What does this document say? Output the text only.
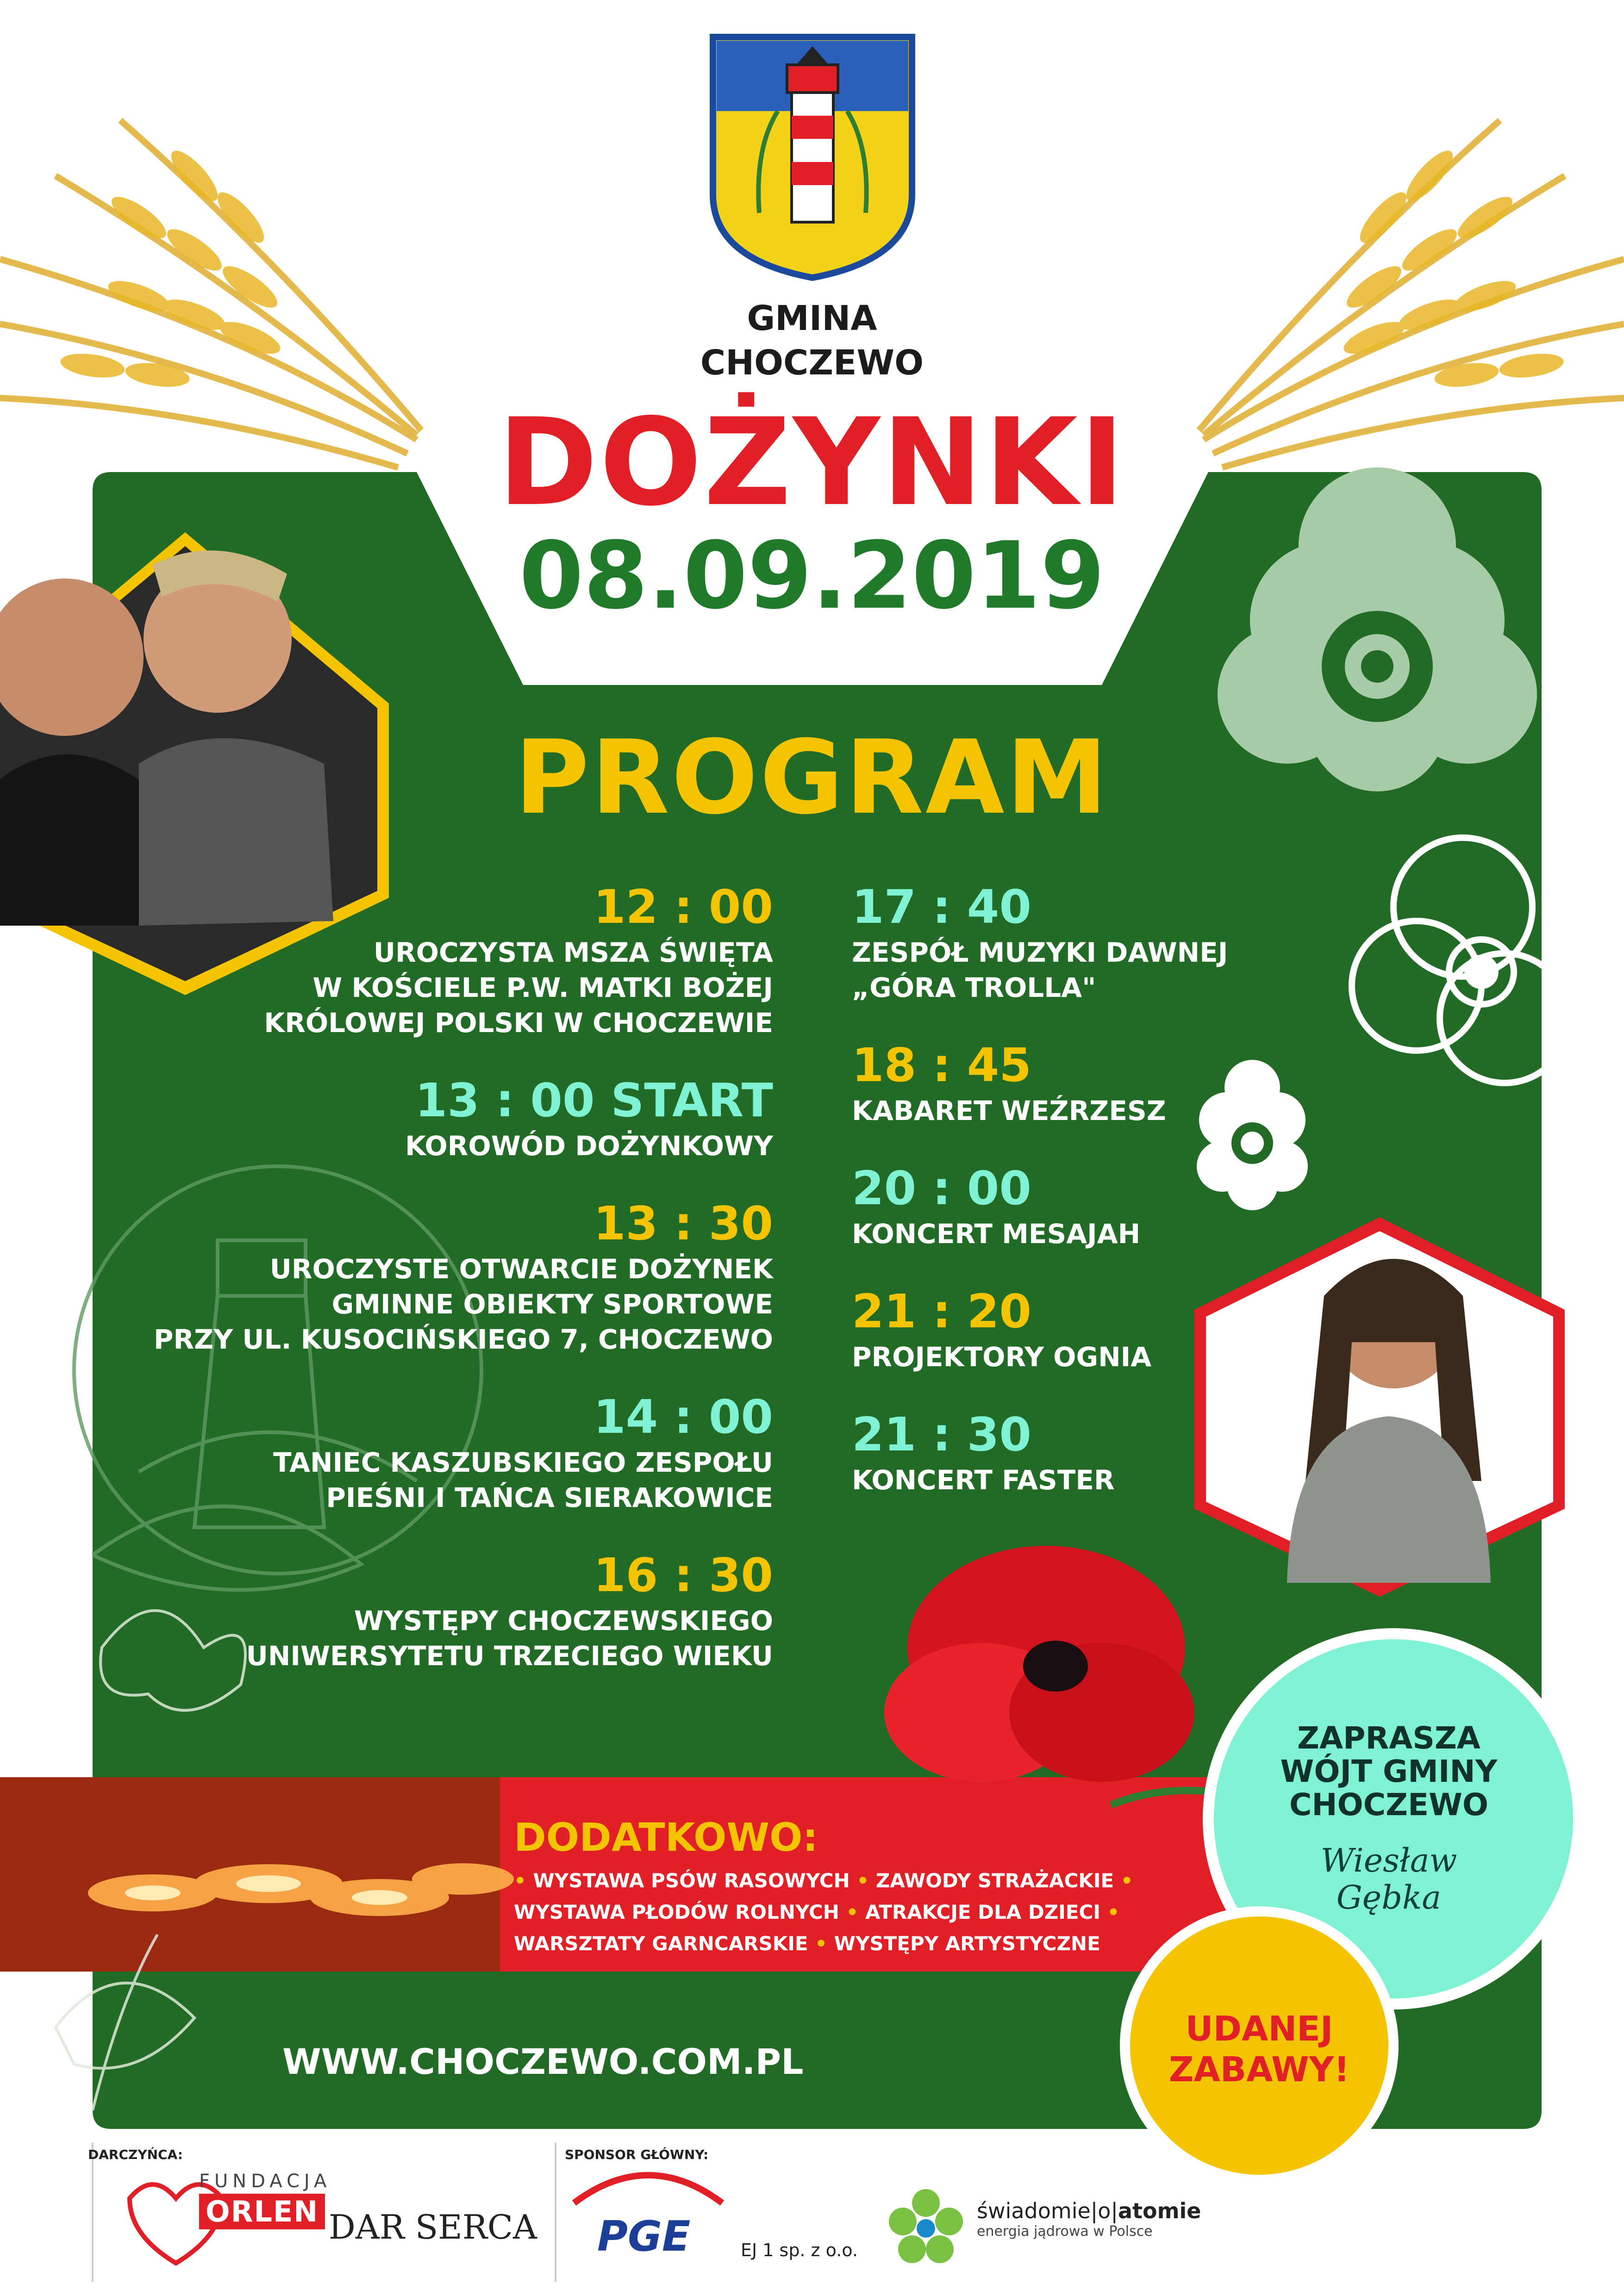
GMINA
CHOCZEWO
DOŻYNKI
08.09.2019
PROGRAM
12 : 00
UROCZYSTA MSZA ŚWIĘTA
W KOŚCIELE P.W. MATKI BOŻEJ
KRÓLOWEJ POLSKI W CHOCZEWIE
13 : 00 START
KOROWÓD DOŻYNKOWY
13 : 30
UROCZYSTE OTWARCIE DOŻYNEK
GMINNE OBIEKTY SPORTOWE
PRZY UL. KUSOCIŃSKIEGO 7, CHOCZEWO
14 : 00
TANIEC KASZUBSKIEGO ZESPOŁU
PIEŚNI I TAŃCA SIERAKOWICE
16 : 30
WYSTĘPY CHOCZEWSKIEGO
UNIWERSYTETU TRZECIEGO WIEKU
17 : 40
ZESPÓŁ MUZYKI DAWNEJ
„GÓRA TROLLA"
18 : 45
KABARET WEŹRZESZ
20 : 00
KONCERT MESAJAH
21 : 20
PROJEKTORY OGNIA
21 : 30
KONCERT FASTER
DODATKOWO:
• WYSTAWA PSÓW RASOWYCH • ZAWODY STRAŻACKIE •
WYSTAWA PŁODÓW ROLNYCH • ATRAKCJE DLA DZIECI •
WARSZTATY GARNCARSKIE • WYSTĘPY ARTYSTYCZNE
WWW.CHOCZEWO.COM.PL
ZAPRASZA
WÓJT GMINY
CHOCZEWO
Wiesław
Gębka
UDANEJ
ZABAWY!
DARCZYŃCA:	SPONSOR GŁÓWNY:
FUNDACJA
ORLEN DAR SERCA PGE	EJ 1 sp. z o.o.
świadomie|o|atomie
energia jądrowa w Polsce
